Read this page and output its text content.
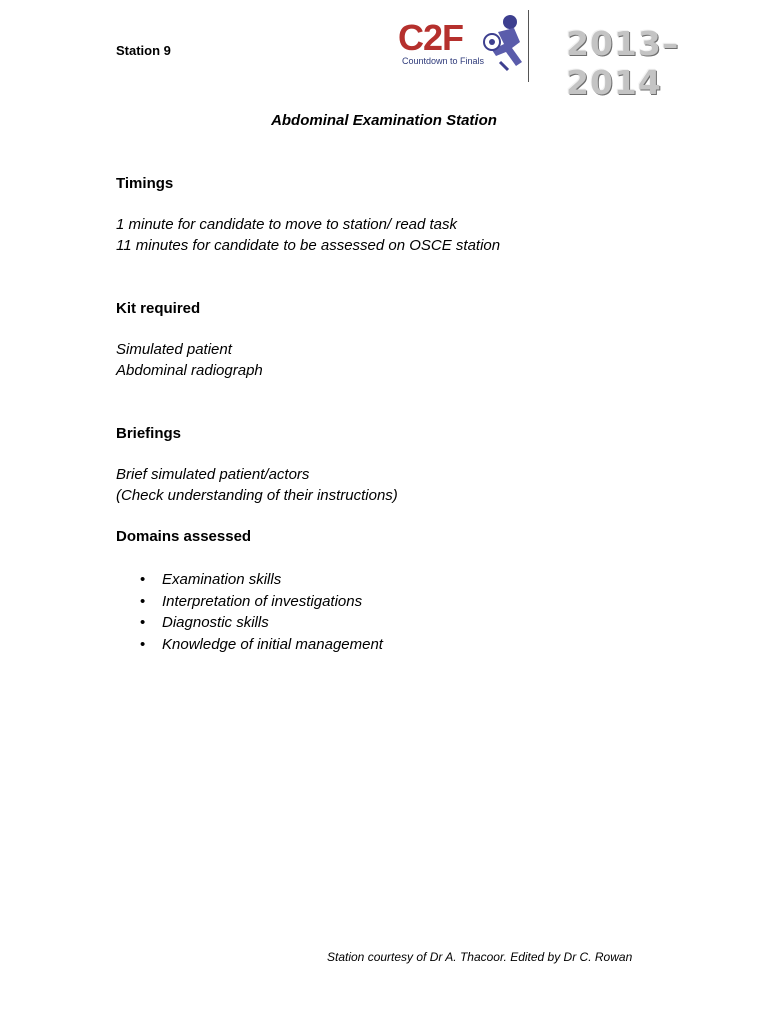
Station 9	C2F
Countdown to Finals 2013–2014
Abdominal Examination Station
Timings
1 minute for candidate to move to station/ read task
11 minutes for candidate to be assessed on OSCE station
Kit required
Simulated patient
Abdominal radiograph
Briefings
Brief simulated patient/actors
(Check understanding of their instructions)
Domains assessed
• Examination skills
• Interpretation of investigations
• Diagnostic skills
• Knowledge of initial management
Station courtesy of Dr A. Thacoor. Edited by Dr C. Rowan
